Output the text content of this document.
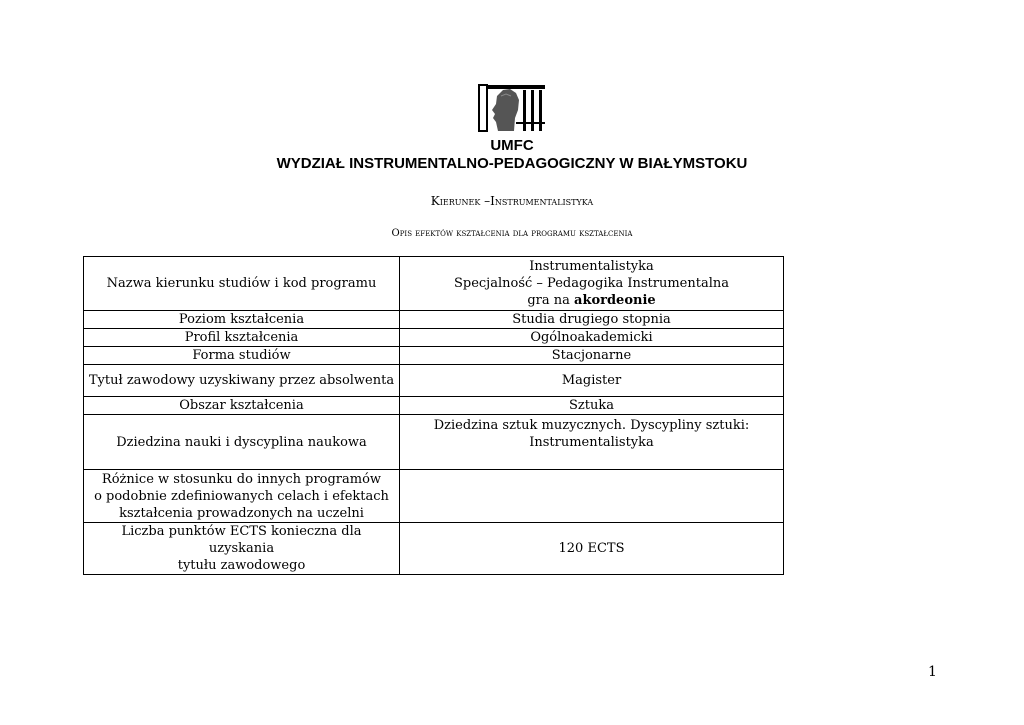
UMFC
WYDZIAŁ INSTRUMENTALNO-PEDAGOGICZNY W BIAŁYMSTOKU
Kierunek –Instrumentalistyka
Opis efektów kształcenia dla programu kształcenia
Nazwa kierunku studiów i kod programu	Instrumentalistyka
Specjalność – Pedagogika Instrumentalna
gra na akordeonie

Poziom kształcenia	Studia drugiego stopnia
Profil kształcenia	Ogólnoakademicki
Forma studiów	Stacjonarne
Tytuł zawodowy uzyskiwany przez absolwenta	Magister
Obszar kształcenia	Sztuka
Dziedzina nauki i dyscyplina naukowa	Dziedzina sztuk muzycznych. Dyscypliny sztuki:
Instrumentalistyka

Różnice w stosunku do innych programów
o podobnie zdefiniowanych celach i efektach
kształcenia prowadzonych na uczelni	

Liczba punktów ECTS konieczna dla uzyskania
tytułu zawodowego	120 ECTS
1
